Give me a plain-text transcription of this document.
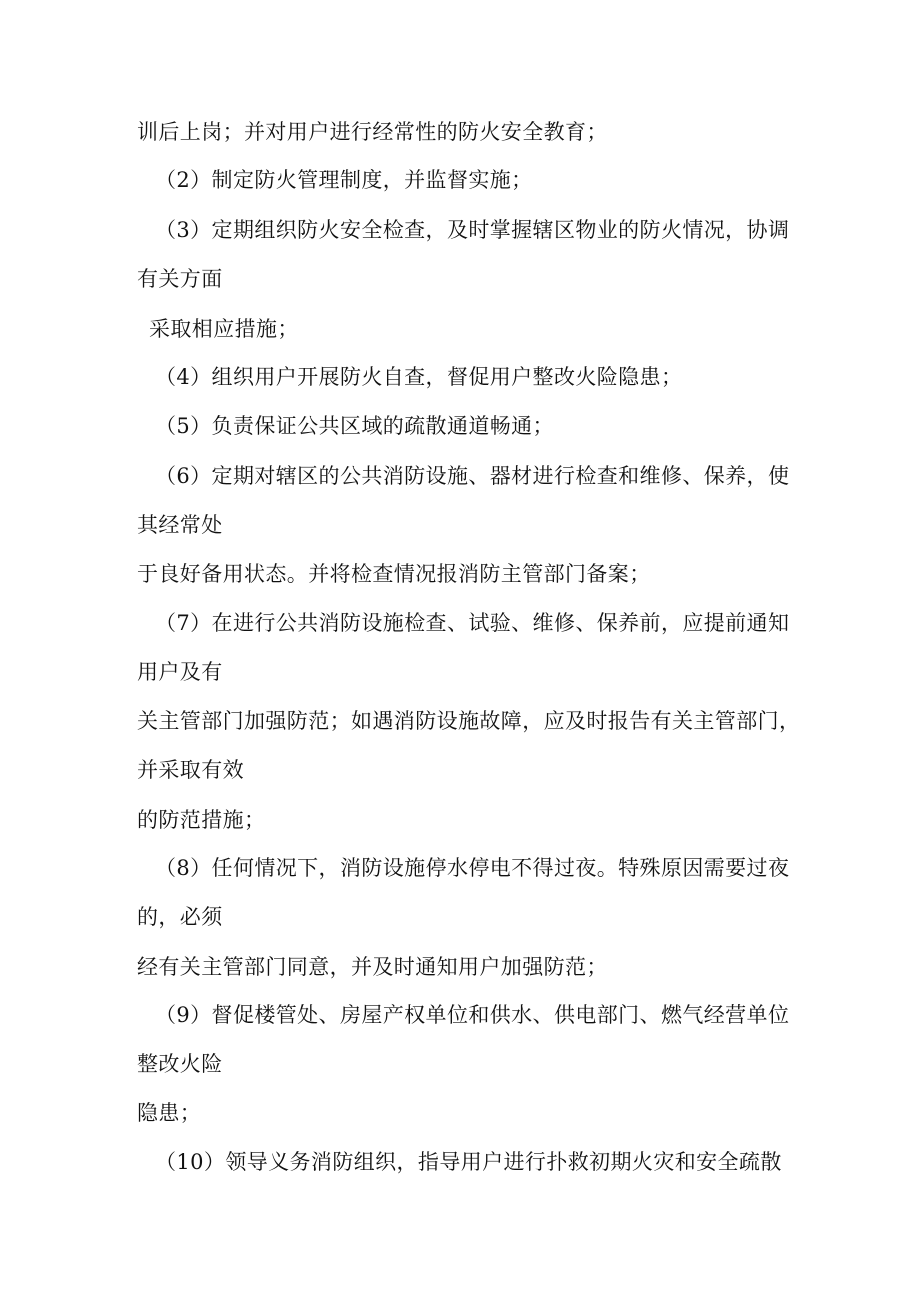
训后上岗；并对用户进行经常性的防火安全教育；

（2）制定防火管理制度，并监督实施；

（3）定期组织防火安全检查，及时掌握辖区物业的防火情况，协调

有关方面

采取相应措施；

（4）组织用户开展防火自查，督促用户整改火险隐患；

（5）负责保证公共区域的疏散通道畅通；

（6）定期对辖区的公共消防设施、器材进行检查和维修、保养，使

其经常处

于良好备用状态。并将检查情况报消防主管部门备案；

（7）在进行公共消防设施检查、试验、维修、保养前，应提前通知

用户及有

关主管部门加强防范；如遇消防设施故障，应及时报告有关主管部门，

并采取有效

的防范措施；

（8）任何情况下，消防设施停水停电不得过夜。特殊原因需要过夜

的，必须

经有关主管部门同意，并及时通知用户加强防范；

（9）督促楼管处、房屋产权单位和供水、供电部门、燃气经营单位

整改火险

隐患；

（10）领导义务消防组织，指导用户进行扑救初期火灾和安全疏散
